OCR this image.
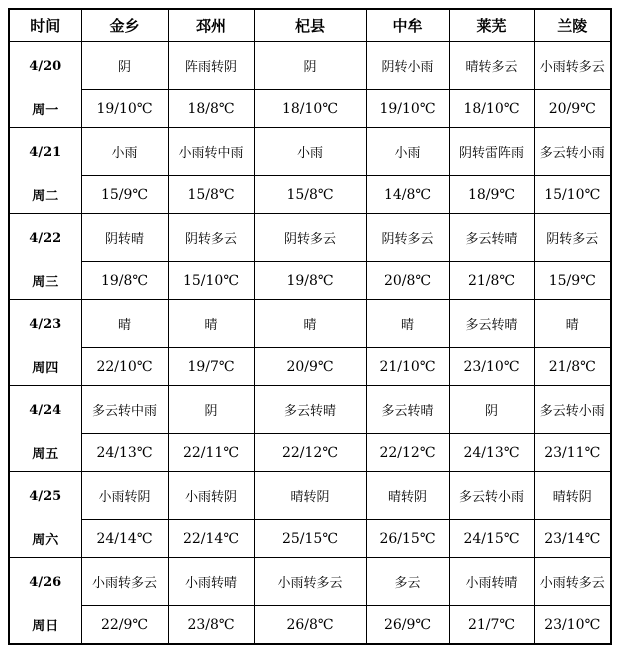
时间	金乡	邳州	杞县	中牟	莱芜	兰陵

4/20
周一	阴	阵雨转阴	阴	阴转小雨	晴转多云	小雨转多云
	19/10℃	18/8℃	18/10℃	19/10℃	18/10℃	20/9℃

4/21
周二	小雨	小雨转中雨	小雨	小雨	阴转雷阵雨	多云转小雨
	15/9℃	15/8℃	15/8℃	14/8℃	18/9℃	15/10℃

4/22
周三	阴转晴	阴转多云	阴转多云	阴转多云	多云转晴	阴转多云
	19/8℃	15/10℃	19/8℃	20/8℃	21/8℃	15/9℃

4/23
周四	晴	晴	晴	晴	多云转晴	晴
	22/10℃	19/7℃	20/9℃	21/10℃	23/10℃	21/8℃

4/24
周五	多云转中雨	阴	多云转晴	多云转晴	阴	多云转小雨
	24/13℃	22/11℃	22/12℃	22/12℃	24/13℃	23/11℃

4/25
周六	小雨转阴	小雨转阴	晴转阴	晴转阴	多云转小雨	晴转阴
	24/14℃	22/14℃	25/15℃	26/15℃	24/15℃	23/14℃

4/26
周日	小雨转多云	小雨转晴	小雨转多云	多云	小雨转晴	小雨转多云
	22/9℃	23/8℃	26/8℃	26/9℃	21/7℃	23/10℃
